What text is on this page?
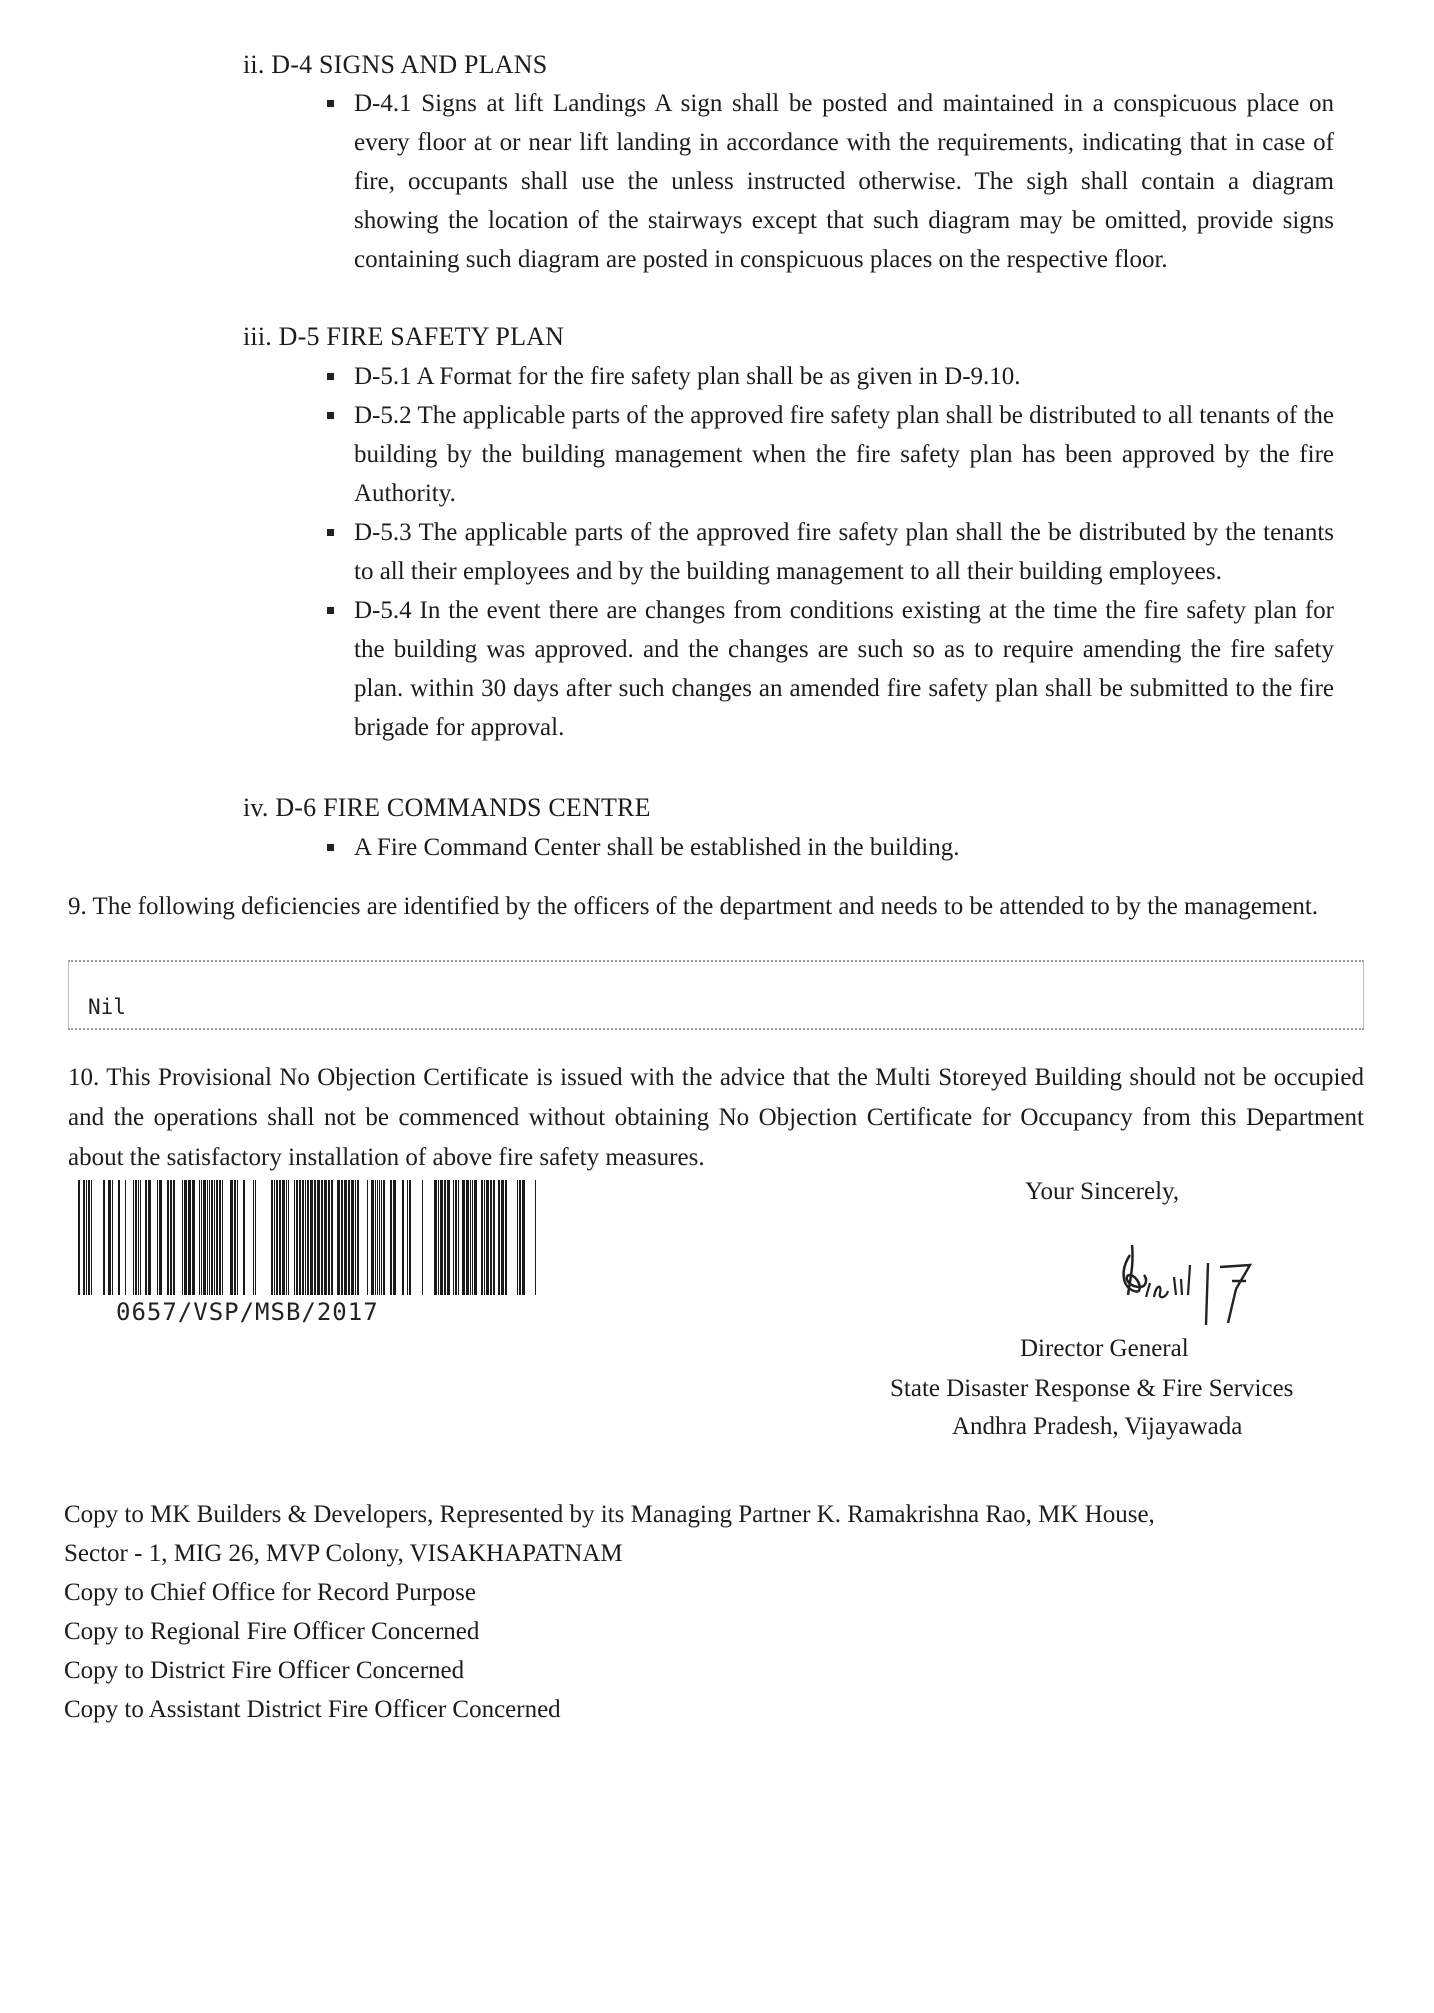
ii. D-4 SIGNS AND PLANS
D-4.1 Signs at lift Landings A sign shall be posted and maintained in a conspicuous place on every floor at or near lift landing in accordance with the requirements, indicating that in case of fire, occupants shall use the unless instructed otherwise. The sigh shall contain a diagram showing the location of the stairways except that such diagram may be omitted, provide signs containing such diagram are posted in conspicuous places on the respective floor.
iii. D-5 FIRE SAFETY PLAN
D-5.1 A Format for the fire safety plan shall be as given in D-9.10.
D-5.2 The applicable parts of the approved fire safety plan shall be distributed to all tenants of the building by the building management when the fire safety plan has been approved by the fire Authority.
D-5.3 The applicable parts of the approved fire safety plan shall the be distributed by the tenants to all their employees and by the building management to all their building employees.
D-5.4 In the event there are changes from conditions existing at the time the fire safety plan for the building was approved. and the changes are such so as to require amending the fire safety plan. within 30 days after such changes an amended fire safety plan shall be submitted to the fire brigade for approval.
iv. D-6 FIRE COMMANDS CENTRE
A Fire Command Center shall be established in the building.
9. The following deficiencies are identified by the officers of the department and needs to be attended to by the management.
Nil
10. This Provisional No Objection Certificate is issued with the advice that the Multi Storeyed Building should not be occupied and the operations shall not be commenced without obtaining No Objection Certificate for Occupancy from this Department about the satisfactory installation of above fire safety measures.
0657/VSP/MSB/2017
Your Sincerely,
Director General
State Disaster Response & Fire Services
Andhra Pradesh, Vijayawada
Copy to MK Builders & Developers, Represented by its Managing Partner K. Ramakrishna Rao, MK House,
Sector - 1, MIG 26, MVP Colony, VISAKHAPATNAM
Copy to Chief Office for Record Purpose
Copy to Regional Fire Officer Concerned
Copy to District Fire Officer Concerned
Copy to Assistant District Fire Officer Concerned
